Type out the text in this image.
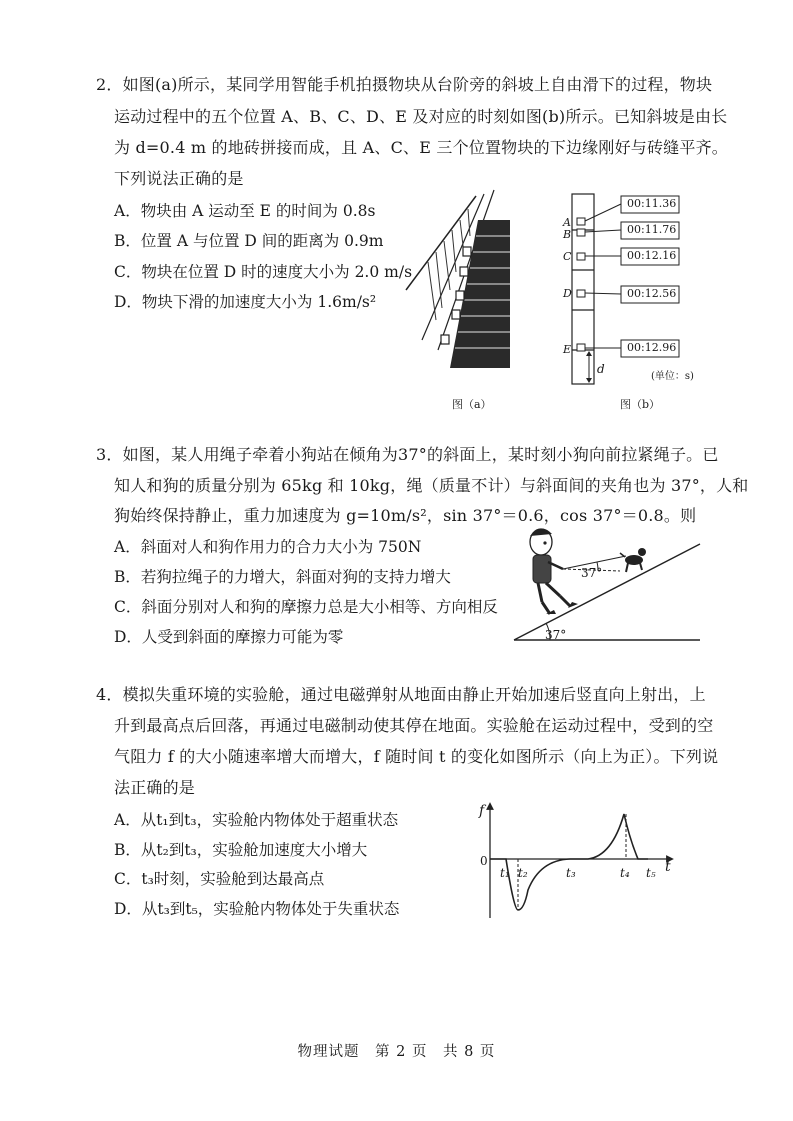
2．如图(a)所示，某同学用智能手机拍摄物块从台阶旁的斜坡上自由滑下的过程，物块
运动过程中的五个位置 A、B、C、D、E 及对应的时刻如图(b)所示。已知斜坡是由长
为 d=0.4 m 的地砖拼接而成，且 A、C、E 三个位置物块的下边缘刚好与砖缝平齐。
下列说法正确的是
A．物块由 A 运动至 E 的时间为 0.8s
B．位置 A 与位置 D 间的距离为 0.9m
C．物块在位置 D 时的速度大小为 2.0 m/s
D．物块下滑的加速度大小为 1.6m/s²
图（a）
A
B
C
D
E
00:11.36
00:11.76
00:12.16
00:12.56
00:12.96
d
(单位：s)
图（b）
3．如图，某人用绳子牵着小狗站在倾角为37°的斜面上，某时刻小狗向前拉紧绳子。已
知人和狗的质量分别为 65kg 和 10kg，绳（质量不计）与斜面间的夹角也为 37°，人和
狗始终保持静止，重力加速度为 g=10m/s²，sin 37°＝0.6，cos 37°＝0.8。则
A．斜面对人和狗作用力的合力大小为 750N
B．若狗拉绳子的力增大，斜面对狗的支持力增大
C．斜面分别对人和狗的摩擦力总是大小相等、方向相反
D．人受到斜面的摩擦力可能为零
37°
37°
4．模拟失重环境的实验舱，通过电磁弹射从地面由静止开始加速后竖直向上射出，上
升到最高点后回落，再通过电磁制动使其停在地面。实验舱在运动过程中，受到的空
气阻力 f 的大小随速率增大而增大，f 随时间 t 的变化如图所示（向上为正）。下列说
法正确的是
A．从t₁到t₃，实验舱内物体处于超重状态
B．从t₂到t₃，实验舱加速度大小增大
C．t₃时刻，实验舱到达最高点
D．从t₃到t₅，实验舱内物体处于失重状态
f
t
0
t₁ t₂	t₃	t₄ t₅
物理试题　第 2 页　共 8 页
